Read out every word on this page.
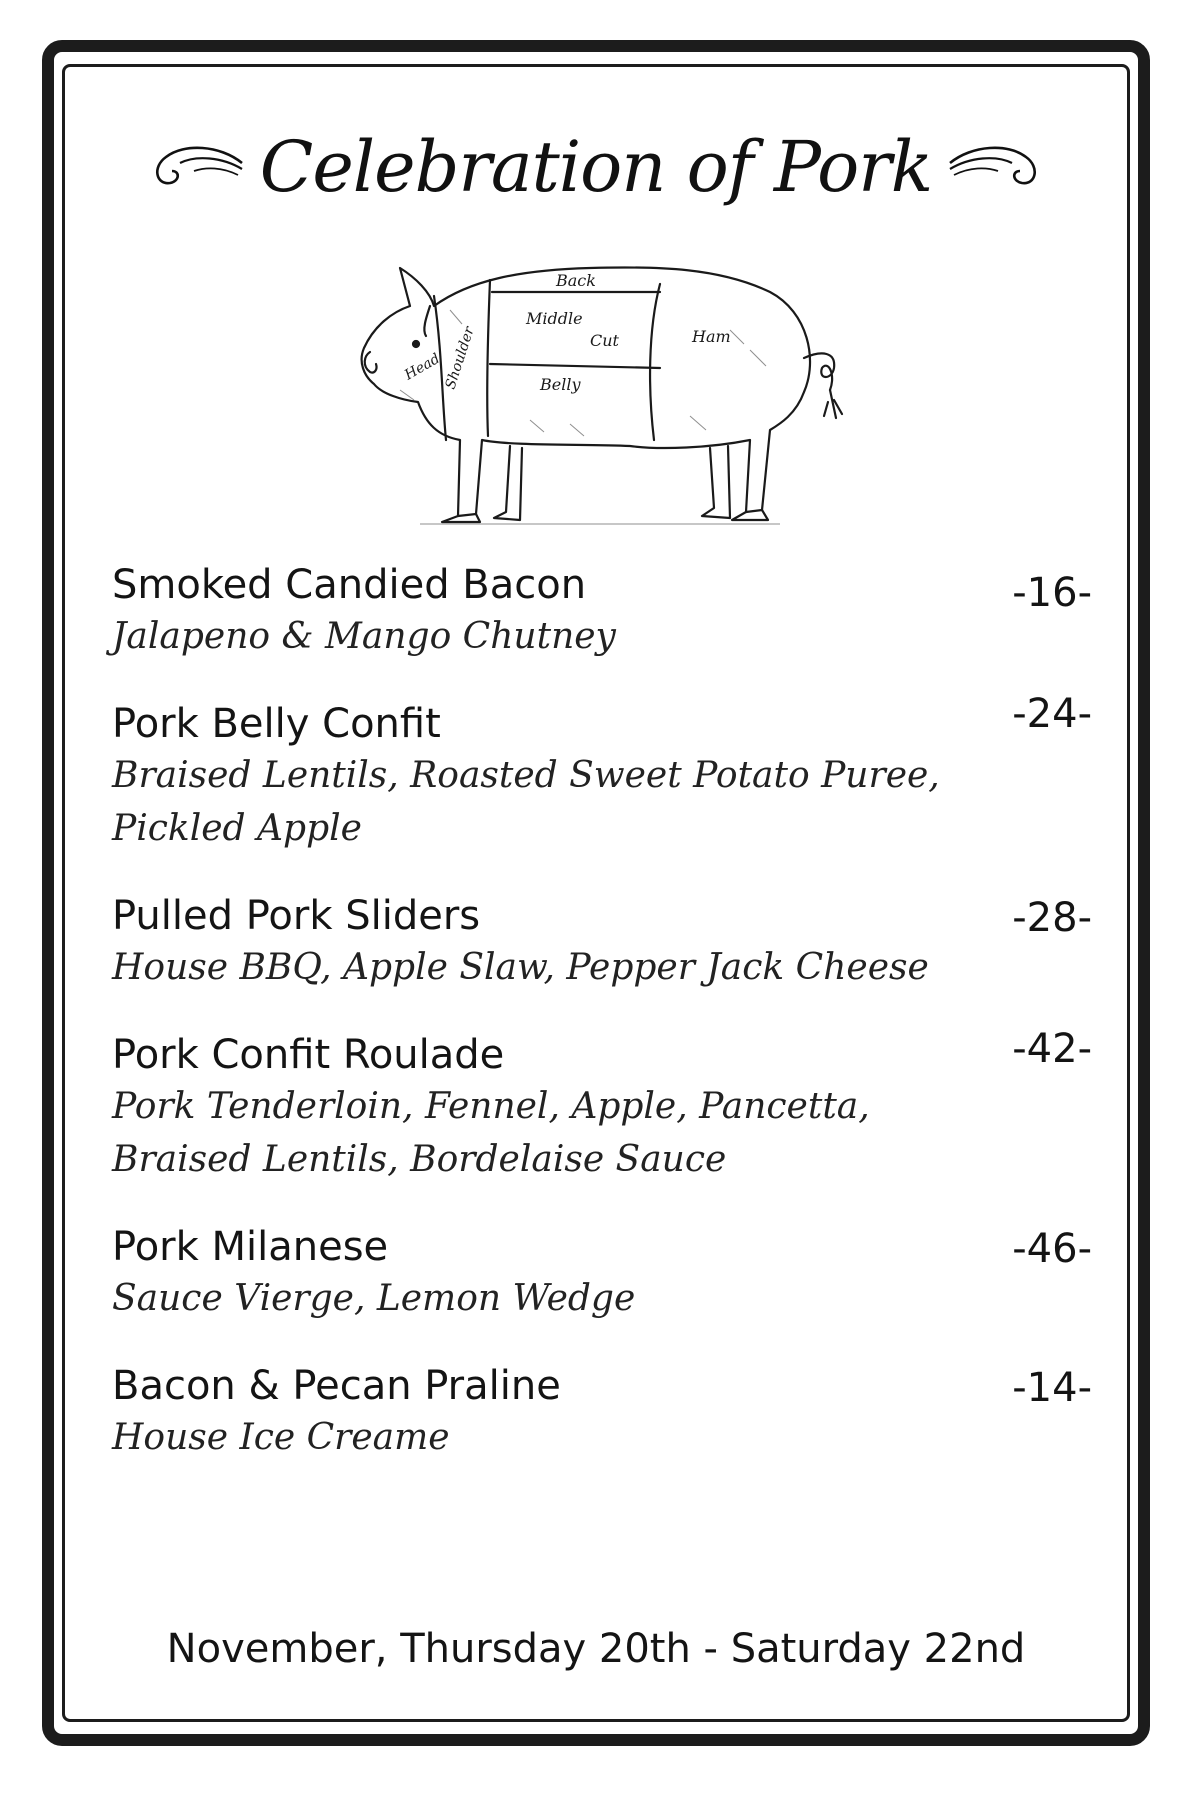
Celebration of Pork
Head Shoulder
Back
Middle
Cut
Belly
Ham
Smoked Candied Bacon
Jalapeno & Mango Chutney
-16-
Pork Belly Confit
Braised Lentils, Roasted Sweet Potato Puree,
Pickled Apple
-24-
Pulled Pork Sliders
House BBQ, Apple Slaw, Pepper Jack Cheese
-28-
Pork Confit Roulade
Pork Tenderloin, Fennel, Apple, Pancetta,
Braised Lentils, Bordelaise Sauce
-42-
Pork Milanese
Sauce Vierge, Lemon Wedge
-46-
Bacon & Pecan Praline
House Ice Creame
-14-
November, Thursday 20th - Saturday 22nd
